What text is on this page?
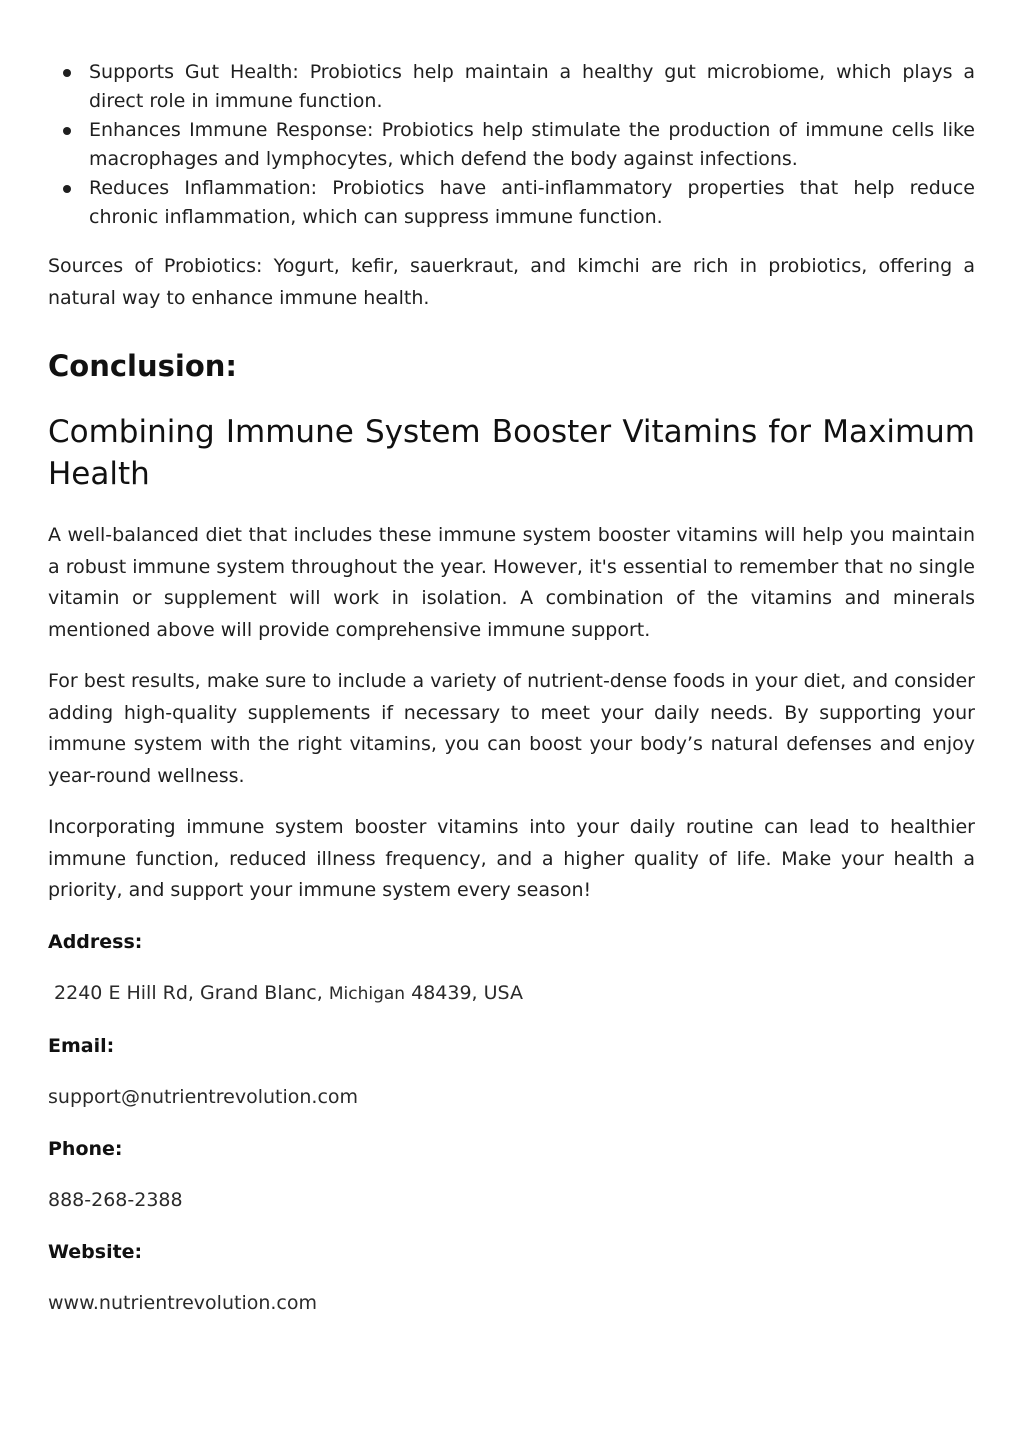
Supports Gut Health: Probiotics help maintain a healthy gut microbiome, which plays a direct role in immune function.
Enhances Immune Response: Probiotics help stimulate the production of immune cells like macrophages and lymphocytes, which defend the body against infections.
Reduces Inflammation: Probiotics have anti-inflammatory properties that help reduce chronic inflammation, which can suppress immune function.

Sources of Probiotics: Yogurt, kefir, sauerkraut, and kimchi are rich in probiotics, offering a natural way to enhance immune health.

Conclusion:
Combining Immune System Booster Vitamins for Maximum Health

A well-balanced diet that includes these immune system booster vitamins will help you maintain a robust immune system throughout the year. However, it's essential to remember that no single vitamin or supplement will work in isolation. A combination of the vitamins and minerals mentioned above will provide comprehensive immune support.

For best results, make sure to include a variety of nutrient-dense foods in your diet, and consider adding high-quality supplements if necessary to meet your daily needs. By supporting your immune system with the right vitamins, you can boost your body’s natural defenses and enjoy year-round wellness.

Incorporating immune system booster vitamins into your daily routine can lead to healthier immune function, reduced illness frequency, and a higher quality of life. Make your health a priority, and support your immune system every season!

Address:

2240 E Hill Rd, Grand Blanc, Michigan 48439, USA

Email:

support@nutrientrevolution.com

Phone:

888-268-2388

Website:

www.nutrientrevolution.com
